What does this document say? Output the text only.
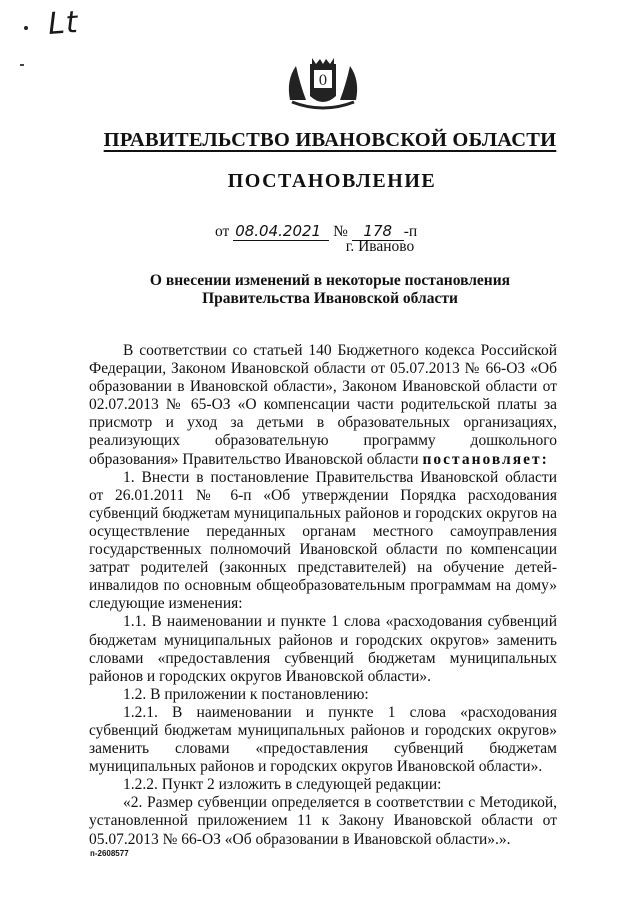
Lt
0
ПРАВИТЕЛЬСТВО ИВАНОВСКОЙ ОБЛАСТИ
ПОСТАНОВЛЕНИЕ
от 08.04.2021 № 178 -п
г. Иваново
О внесении изменений в некоторые постановления Правительства Ивановской области

В соответствии со статьей 140 Бюджетного кодекса Российской Федерации, Законом Ивановской области от 05.07.2013 № 66-ОЗ «Об образовании в Ивановской области», Законом Ивановской области от 02.07.2013 № 65-ОЗ «О компенсации части родительской платы за присмотр и уход за детьми в образовательных организациях, реализующих образовательную программу дошкольного образования» Правительство Ивановской области постановляет:

1. Внести в постановление Правительства Ивановской области от 26.01.2011 № 6-п «Об утверждении Порядка расходования субвенций бюджетам муниципальных районов и городских округов на осуществление переданных органам местного самоуправления государственных полномочий Ивановской области по компенсации затрат родителей (законных представителей) на обучение детей-инвалидов по основным общеобразовательным программам на дому» следующие изменения:

1.1. В наименовании и пункте 1 слова «расходования субвенций бюджетам муниципальных районов и городских округов» заменить словами «предоставления субвенций бюджетам муниципальных районов и городских округов Ивановской области».

1.2. В приложении к постановлению:

1.2.1. В наименовании и пункте 1 слова «расходования субвенций бюджетам муниципальных районов и городских округов» заменить словами «предоставления субвенций бюджетам муниципальных районов и городских округов Ивановской области».

1.2.2. Пункт 2 изложить в следующей редакции:

«2. Размер субвенции определяется в соответствии с Методикой, установленной приложением 11 к Закону Ивановской области от 05.07.2013 № 66-ОЗ «Об образовании в Ивановской области».».

п-2608577
